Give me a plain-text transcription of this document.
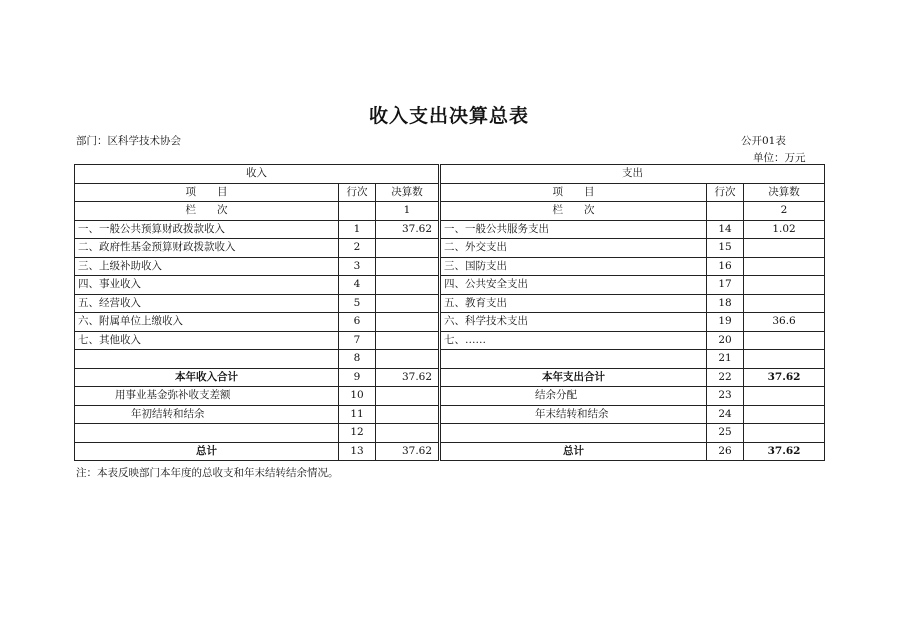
收入支出决算总表
部门：区科学技术协会	公开01表
单位：万元
收入				支出		
项　　目	行次	决算数		项　　目	行次	决算数
栏　　次		1		栏　　次		2
一、一般公共预算财政拨款收入	1	37.62		一、一般公共服务支出	14	1.02
二、政府性基金预算财政拨款收入	2			二、外交支出	15	
三、上级补助收入	3			三、国防支出	16	
四、事业收入	4			四、公共安全支出	17	
五、经营收入	5			五、教育支出	18	
六、附属单位上缴收入	6			六、科学技术支出	19	36.6
七、其他收入	7			七、……	20	
	8				21	
本年收入合计	9	37.62		本年支出合计	22	37.62
用事业基金弥补收支差额	10			结余分配	23	
年初结转和结余	11			年末结转和结余	24	
	12				25	
总计	13	37.62		总计	26	37.62
注：本表反映部门本年度的总收支和年末结转结余情况。
